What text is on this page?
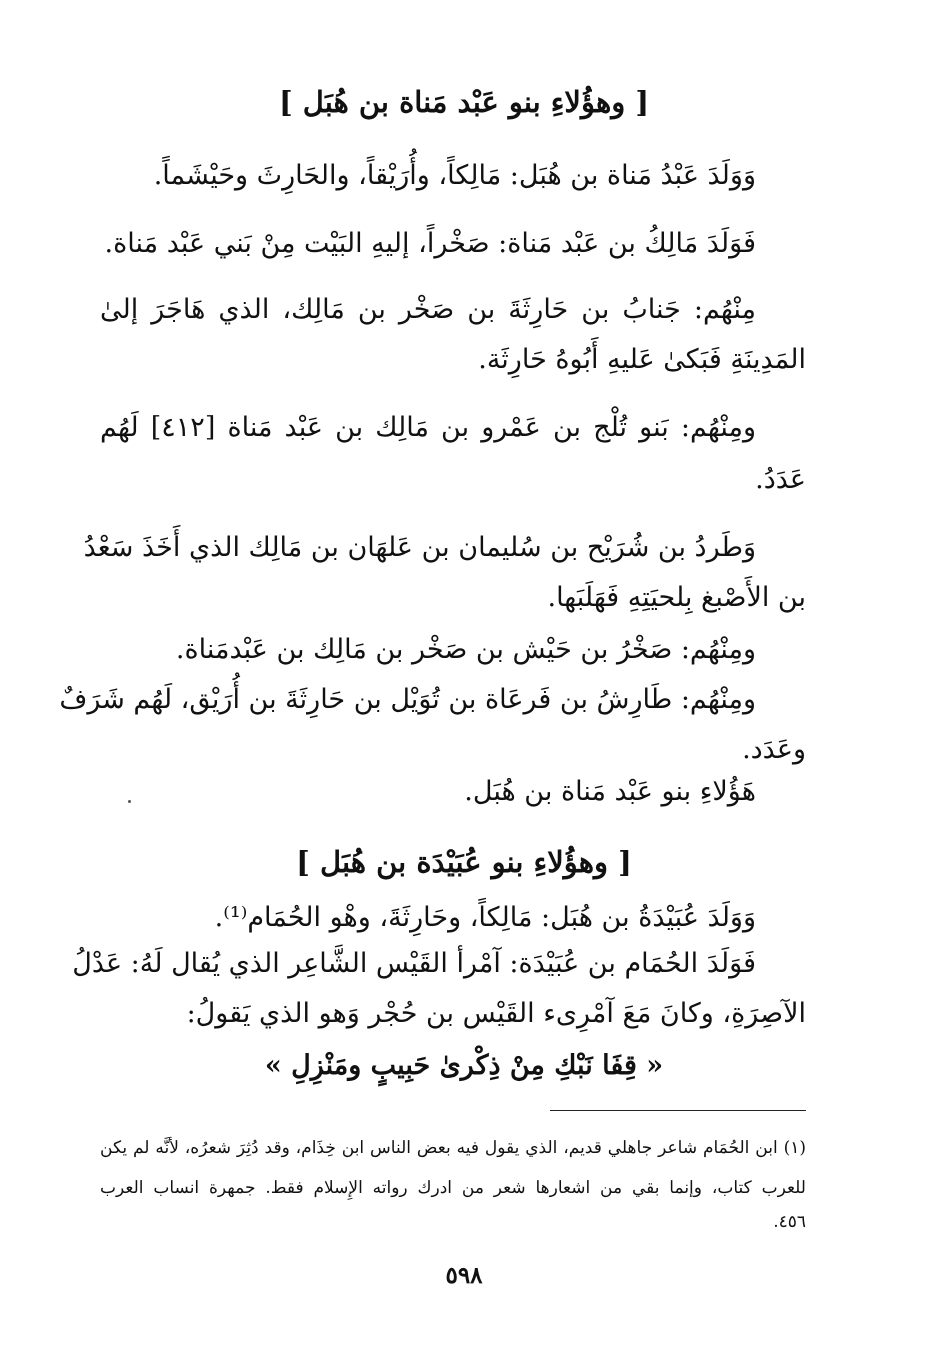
[ وهؤُلاءِ بنو عَبْد مَناة بن هُبَل ]
وَوَلَدَ عَبْدُ مَناة بن هُبَل: مَالِكاً، وأُرَيْقاً، والحَارِثَ وحَيْشَماً.
فَوَلَدَ مَالِكُ بن عَبْد مَناة: صَخْراً، إليهِ البَيْت مِنْ بَني عَبْد مَناة.
مِنْهُم: جَنابُ بن حَارِثَةَ بن صَخْر بن مَالِك، الذي هَاجَرَ إلىٰ
المَدِينَةِ فَبَكىٰ عَليهِ أَبُوهُ حَارِثَة.
ومِنْهُم: بَنو تُلْج بن عَمْرو بن مَالِك بن عَبْد مَناة [٤١٢] لَهُم
عَدَدُ.
وَطَردُ بن شُرَيْح بن سُليمان بن عَلهَان بن مَالِك الذي أَخَذَ سَعْدُ
بن الأَصْبغ بِلحيَتِهِ فَهَلَبَها.
ومِنْهُم: صَخْرُ بن حَيْش بن صَخْر بن مَالِك بن عَبْدمَناة.
ومِنْهُم: طَارِشُ بن فَرعَاة بن تُوَيْل بن حَارِثَةَ بن أُرَيْق، لَهُم شَرَفٌ
وعَدَد.
هَؤُلاءِ بنو عَبْد مَناة بن هُبَل.
[ وهؤُلاءِ بنو عُبَيْدَة بن هُبَل ]
وَوَلَدَ عُبَيْدَةُ بن هُبَل: مَالِكاً، وحَارِثَةَ، وهْو الحُمَام⁽¹⁾.
فَوَلَدَ الحُمَام بن عُبَيْدَة: آمْرأ القَيْس الشَّاعِر الذي يُقال لَهُ: عَدْلُ
الآصِرَةِ، وكانَ مَعَ آمْرِىء القَيْس بن حُجْر وَهو الذي يَقولُ:
« قِفَا نَبْكِ مِنْ ذِكْرىٰ حَبِيبٍ ومَنْزِلِ »
(١) ابن الحُمَام شاعر جاهلي قديم، الذي يقول فيه بعض الناس ابن خِذَام، وقد دُثِرَ شعرُه، لأنَّه لم يكن
للعرب كتاب، وإنما بقي من اشعارها شعر من ادرك رواته الإِسلام فقط. جمهرة انساب العرب
٤٥٦.
٥٩٨
